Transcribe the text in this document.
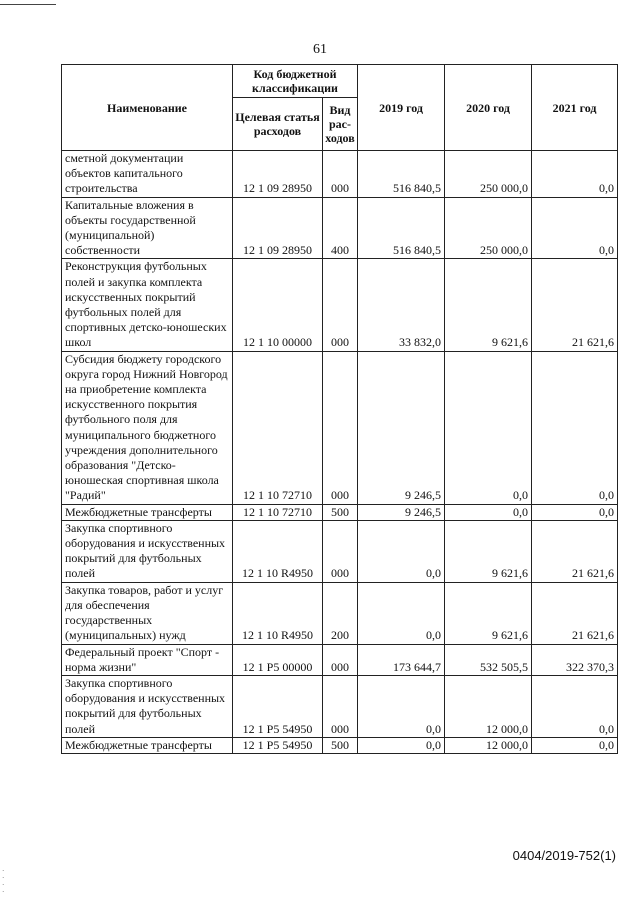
61
Наименование	Код бюджетной классификации		2019 год	2020 год	2021 год
	Целевая статья расходов	Вид рас-ходов			
сметной документации объектов капитального строительства	12 1 09 28950	000	516 840,5	250 000,0	0,0
Капитальные вложения в объекты государственной (муниципальной) собственности	12 1 09 28950	400	516 840,5	250 000,0	0,0
Реконструкция футбольных полей и закупка комплекта искусственных покрытий футбольных полей для спортивных детско-юношеских школ	12 1 10 00000	000	33 832,0	9 621,6	21 621,6
Субсидия бюджету городского округа город Нижний Новгород на приобретение комплекта искусственного покрытия футбольного поля для муниципального бюджетного учреждения дополнительного образования "Детско-юношеская спортивная школа "Радий"	12 1 10 72710	000	9 246,5	0,0	0,0
Межбюджетные трансферты	12 1 10 72710	500	9 246,5	0,0	0,0
Закупка спортивного оборудования и искусственных покрытий для футбольных полей	12 1 10 R4950	000	0,0	9 621,6	21 621,6
Закупка товаров, работ и услуг для обеспечения государственных (муниципальных) нужд	12 1 10 R4950	200	0,0	9 621,6	21 621,6
Федеральный проект "Спорт - норма жизни"	12 1 P5 00000	000	173 644,7	532 505,5	322 370,3
Закупка спортивного оборудования и искусственных покрытий для футбольных полей	12 1 P5 54950	000	0,0	12 000,0	0,0
Межбюджетные трансферты	12 1 P5 54950	500	0,0	12 000,0	0,0
0404/2019-752(1)
·
·
·
·
